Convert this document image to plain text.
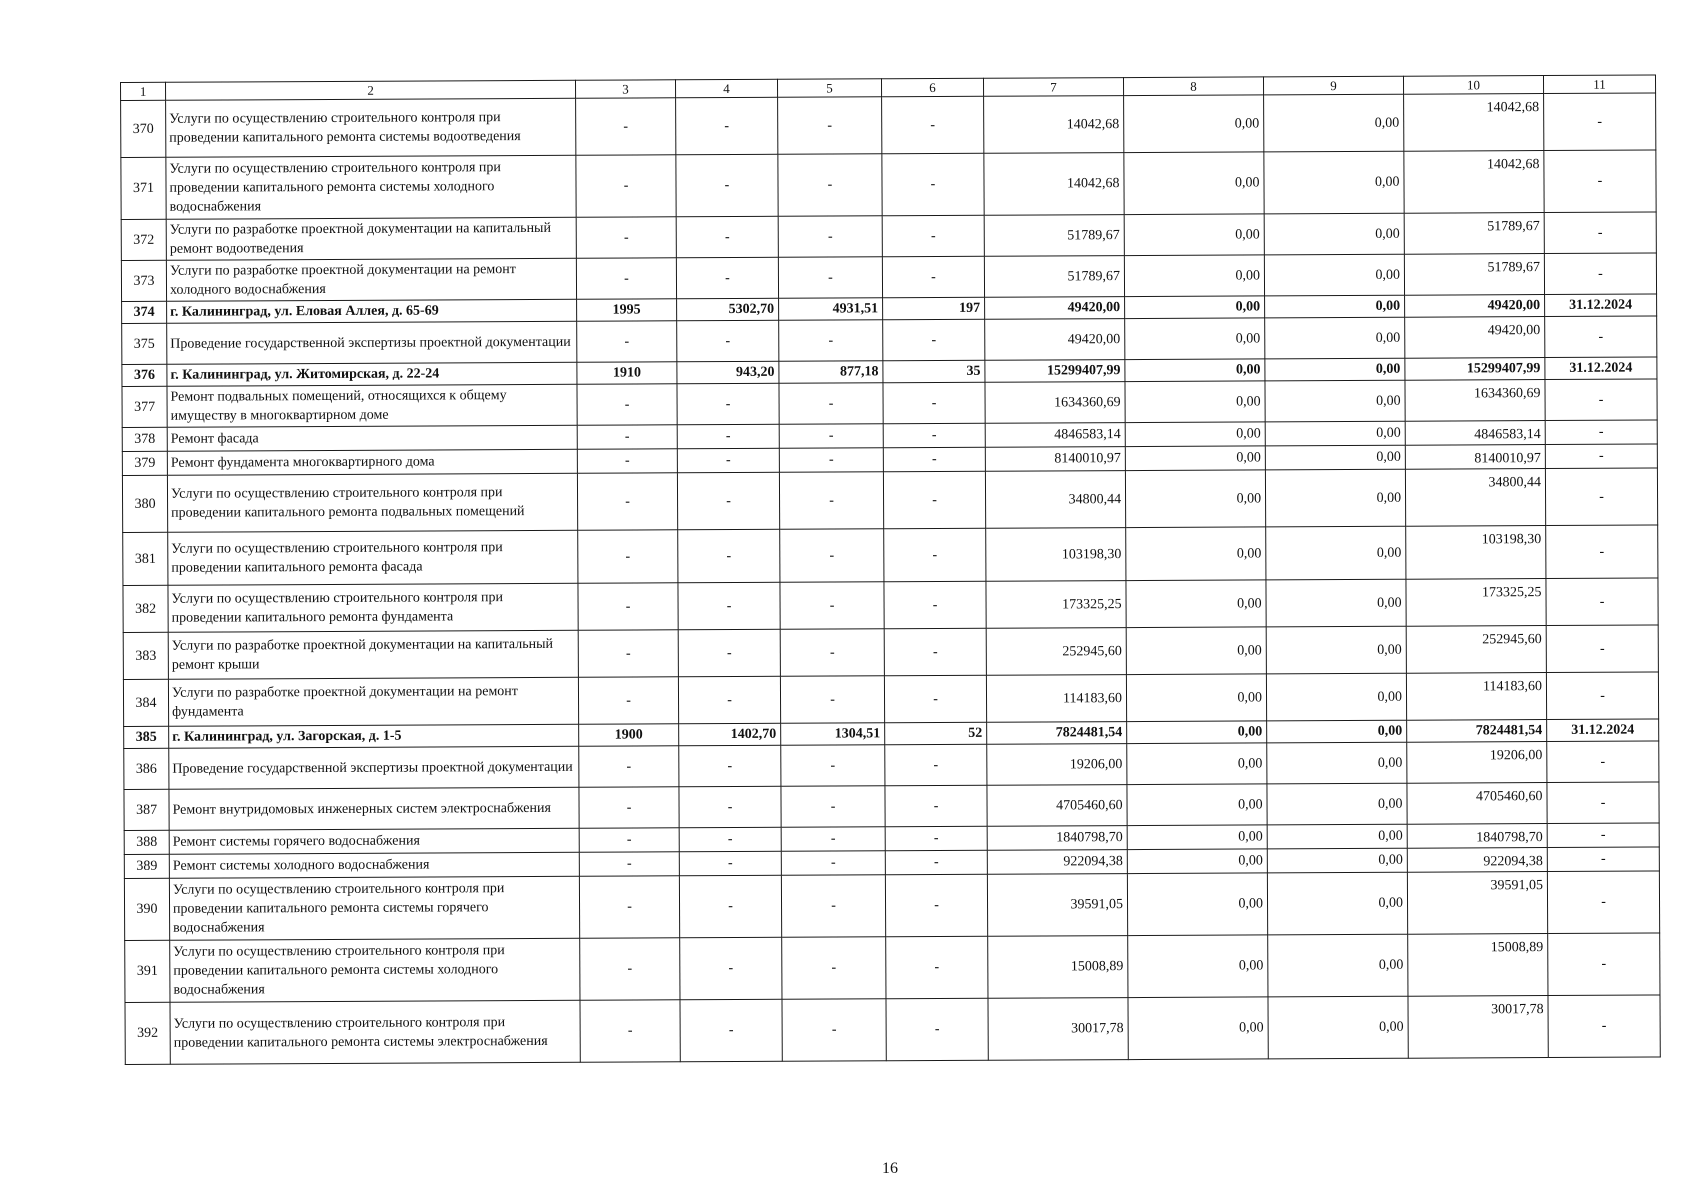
1	2	3	4	5	6	7	8	9	10	11
370	Услуги по осуществлению строительного контроля при проведении капитального ремонта системы водоотведения	-	-	-	-	14042,68	0,00	0,00	14042,68	-
371	Услуги по осуществлению строительного контроля при проведении капитального ремонта системы холодного водоснабжения	-	-	-	-	14042,68	0,00	0,00	14042,68	-
372	Услуги по разработке проектной документации на капитальный ремонт водоотведения	-	-	-	-	51789,67	0,00	0,00	51789,67	-
373	Услуги по разработке проектной документации на ремонт холодного водоснабжения	-	-	-	-	51789,67	0,00	0,00	51789,67	-
374	г. Калининград, ул. Еловая Аллея, д. 65-69	1995	5302,70	4931,51	197	49420,00	0,00	0,00	49420,00	31.12.2024
375	Проведение государственной экспертизы проектной документации	-	-	-	-	49420,00	0,00	0,00	49420,00	-
376	г. Калининград, ул. Житомирская, д. 22-24	1910	943,20	877,18	35	15299407,99	0,00	0,00	15299407,99	31.12.2024
377	Ремонт подвальных помещений, относящихся к общему имуществу в многоквартирном доме	-	-	-	-	1634360,69	0,00	0,00	1634360,69	-
378	Ремонт фасада	-	-	-	-	4846583,14	0,00	0,00	4846583,14	-
379	Ремонт фундамента многоквартирного дома	-	-	-	-	8140010,97	0,00	0,00	8140010,97	-
380	Услуги по осуществлению строительного контроля при проведении капитального ремонта подвальных помещений	-	-	-	-	34800,44	0,00	0,00	34800,44	-
381	Услуги по осуществлению строительного контроля при проведении капитального ремонта фасада	-	-	-	-	103198,30	0,00	0,00	103198,30	-
382	Услуги по осуществлению строительного контроля при проведении капитального ремонта фундамента	-	-	-	-	173325,25	0,00	0,00	173325,25	-
383	Услуги по разработке проектной документации на капитальный ремонт крыши	-	-	-	-	252945,60	0,00	0,00	252945,60	-
384	Услуги по разработке проектной документации на ремонт фундамента	-	-	-	-	114183,60	0,00	0,00	114183,60	-
385	г. Калининград, ул. Загорская, д. 1-5	1900	1402,70	1304,51	52	7824481,54	0,00	0,00	7824481,54	31.12.2024
386	Проведение государственной экспертизы проектной документации	-	-	-	-	19206,00	0,00	0,00	19206,00	-
387	Ремонт внутридомовых инженерных систем электроснабжения	-	-	-	-	4705460,60	0,00	0,00	4705460,60	-
388	Ремонт системы горячего водоснабжения	-	-	-	-	1840798,70	0,00	0,00	1840798,70	-
389	Ремонт системы холодного водоснабжения	-	-	-	-	922094,38	0,00	0,00	922094,38	-
390	Услуги по осуществлению строительного контроля при проведении капитального ремонта системы горячего водоснабжения	-	-	-	-	39591,05	0,00	0,00	39591,05	-
391	Услуги по осуществлению строительного контроля при проведении капитального ремонта системы холодного водоснабжения	-	-	-	-	15008,89	0,00	0,00	15008,89	-
392	Услуги по осуществлению строительного контроля при проведении капитального ремонта системы электроснабжения	-	-	-	-	30017,78	0,00	0,00	30017,78	-
16
